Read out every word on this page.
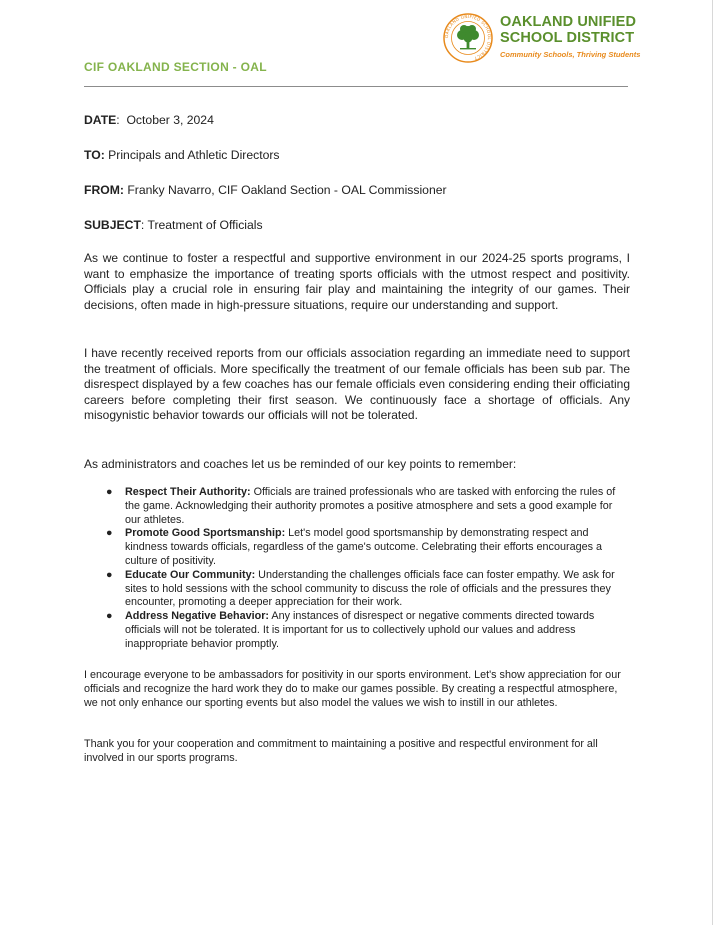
OAKLAND UNIFIED SCHOOL DISTRICT
OAKLAND UNIFIED
SCHOOL DISTRICT
Community Schools, Thriving Students
CIF OAKLAND SECTION - OAL
DATE:  October 3, 2024
TO: Principals and Athletic Directors
FROM: Franky Navarro, CIF Oakland Section - OAL Commissioner
SUBJECT: Treatment of Officials

As we continue to foster a respectful and supportive environment in our 2024-25 sports programs, I want to emphasize the importance of treating sports officials with the utmost respect and positivity. Officials play a crucial role in ensuring fair play and maintaining the integrity of our games. Their decisions, often made in high-pressure situations, require our understanding and support.

I have recently received reports from our officials association regarding an immediate need to support the treatment of officials. More specifically the treatment of our female officials has been sub par. The disrespect displayed by a few coaches has our female officials even considering ending their officiating careers before completing their first season. We continuously face a shortage of officials. Any misogynistic behavior towards our officials will not be tolerated.

As administrators and coaches let us be reminded of our key points to remember:

● Respect Their Authority: Officials are trained professionals who are tasked with enforcing the rules of the game. Acknowledging their authority promotes a positive atmosphere and sets a good example for our athletes.
● Promote Good Sportsmanship: Let's model good sportsmanship by demonstrating respect and kindness towards officials, regardless of the game's outcome. Celebrating their efforts encourages a culture of positivity.
● Educate Our Community: Understanding the challenges officials face can foster empathy. We ask for sites to hold sessions with the school community to discuss the role of officials and the pressures they encounter, promoting a deeper appreciation for their work.
● Address Negative Behavior: Any instances of disrespect or negative comments directed towards officials will not be tolerated. It is important for us to collectively uphold our values and address inappropriate behavior promptly.

I encourage everyone to be ambassadors for positivity in our sports environment. Let's show appreciation for our officials and recognize the hard work they do to make our games possible. By creating a respectful atmosphere, we not only enhance our sporting events but also model the values we wish to instill in our athletes.

Thank you for your cooperation and commitment to maintaining a positive and respectful environment for all involved in our sports programs.
